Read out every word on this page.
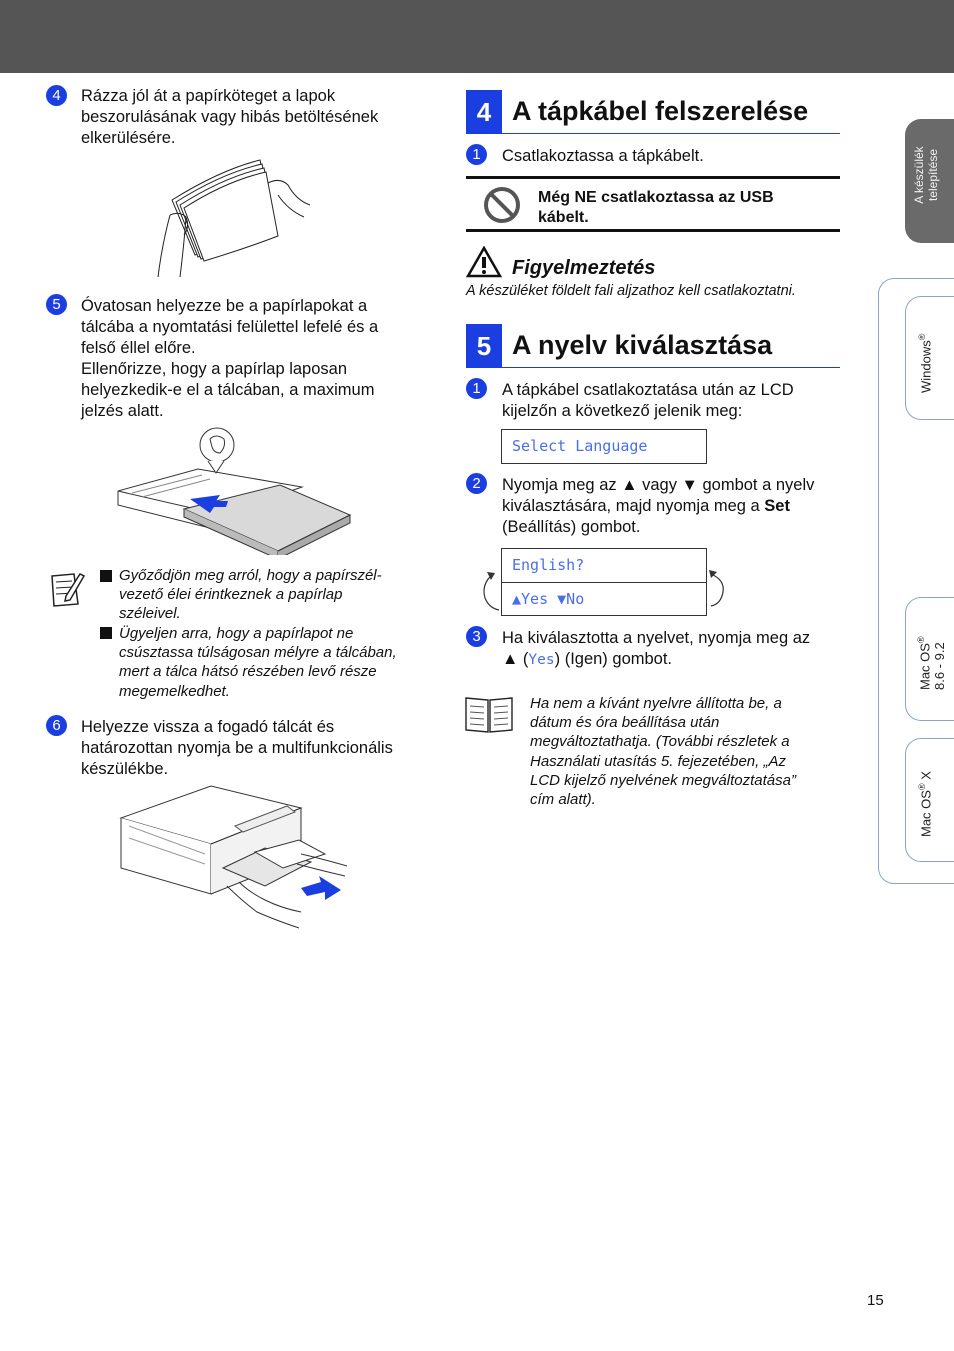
4	Rázza jól át a papírköteget a lapok beszorulásának vagy hibás betöltésének elkerülésére.
5	Óvatosan helyezze be a papírlapokat a
tálcába a nyomtatási felülettel lefelé és a
felső éllel előre.
Ellenőrizze, hogy a papírlap laposan
helyezkedik-e el a tálcában, a maximum
jelzés alatt.
Győződjön meg arról, hogy a papírszél-
vezető élei érintkeznek a papírlap
széleivel.
Ügyeljen arra, hogy a papírlapot ne
csúsztassa túlságosan mélyre a tálcában,
mert a tálca hátsó részében levő része
megemelkedhet.
6	Helyezze vissza a fogadó tálcát és
határozottan nyomja be a multifunkcionális
készülékbe.
4 A tápkábel felszerelése
1	Csatlakoztassa a tápkábelt.
Még NE csatlakoztassa az USB
kábelt.
Figyelmeztetés
A készüléket földelt fali aljzathoz kell csatlakoztatni.
5 A nyelv kiválasztása
1	A tápkábel csatlakoztatása után az LCD
kijelzőn a következő jelenik meg:
Select Language
2	Nyomja meg az ▲ vagy ▼ gombot a nyelv
kiválasztására, majd nyomja meg a Set
(Beállítás) gombot.
English?
▲Yes ▼No
3	Ha kiválasztotta a nyelvet, nyomja meg az
▲ (Yes) (Igen) gombot.
Ha nem a kívánt nyelvre állította be, a
dátum és óra beállítása után
megváltoztathatja. (További részletek a
Használati utasítás 5. fejezetében, „Az
LCD kijelző nyelvének megváltoztatása”
cím alatt).
A készülék telepítése
Windows®
Mac OS®
8.6 - 9.2
Mac OS® X
15
